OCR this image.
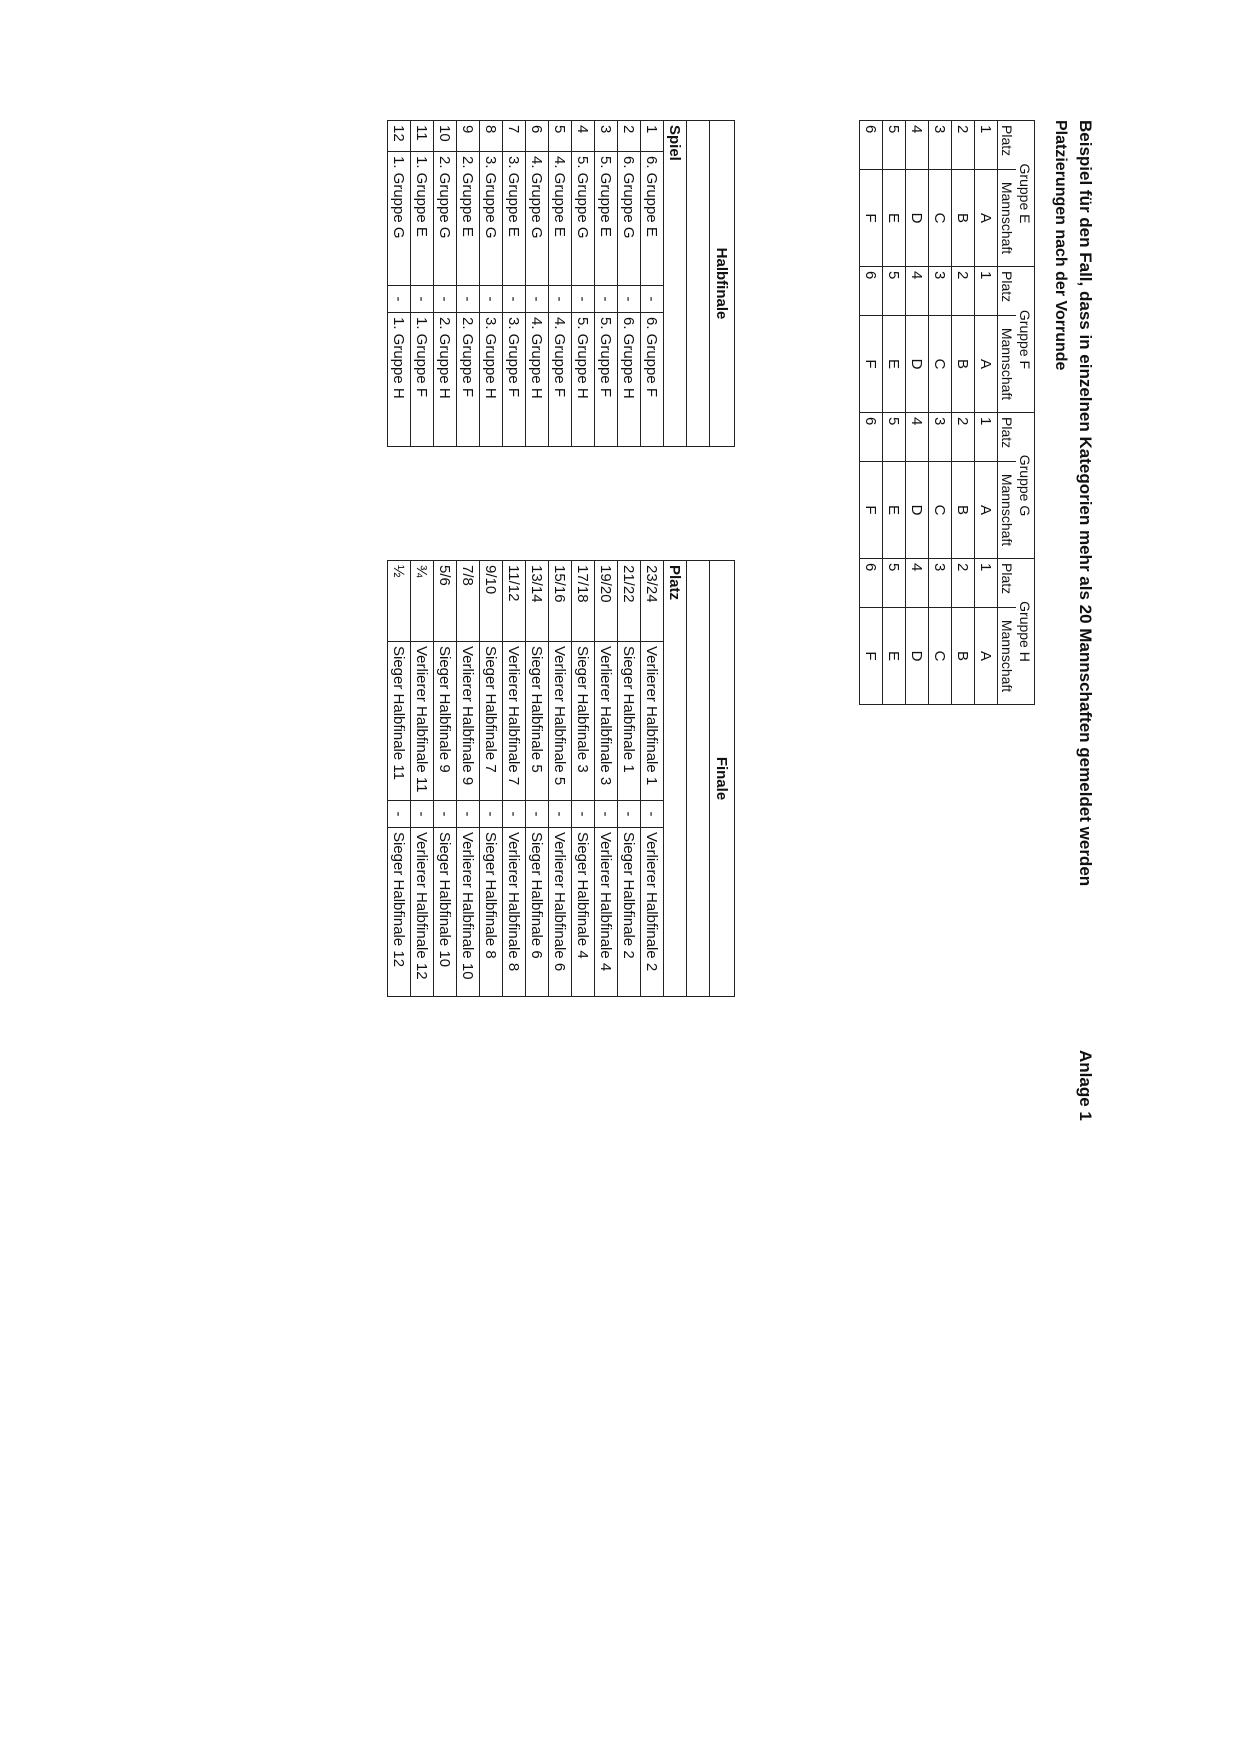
Beispiel für den Fall, dass in einzelnen Kategorien mehr als 20 Mannschaften gemeldet werden
Platzierungen nach der Vorrunde
Anlage 1
Gruppe E		Gruppe F		Gruppe G		Gruppe H	
Platz	Mannschaft	Platz	Mannschaft	Platz	Mannschaft	Platz	Mannschaft
1	A	1	A	1	A	1	A
2	B	2	B	2	B	2	B
3	C	3	C	3	C	3	C
4	D	4	D	4	D	4	D
5	E	5	E	5	E	5	E
6	F	6	F	6	F	6	F
Halbfinale			

Spiel			
1	6. Gruppe E	-	6. Gruppe F
2	6. Gruppe G	-	6. Gruppe H
3	5. Gruppe E	-	5. Gruppe F
4	5. Gruppe G	-	5. Gruppe H
5	4. Gruppe E	-	4. Gruppe F
6	4. Gruppe G	-	4. Gruppe H
7	3. Gruppe E	-	3. Gruppe F
8	3. Gruppe G	-	3. Gruppe H
9	2. Gruppe E	-	2. Gruppe F
10	2. Gruppe G	-	2. Gruppe H
11	1. Gruppe E	-	1. Gruppe F
12	1. Gruppe G	-	1. Gruppe H
Finale			

Platz			
23/24	Verlierer Halbfinale 1	-	Verlierer Halbfinale 2
21/22	Sieger Halbfinale 1	-	Sieger Halbfinale 2
19/20	Verlierer Halbfinale 3	-	Verlierer Halbfinale 4
17/18	Sieger Halbfinale 3	-	Sieger Halbfinale 4
15/16	Verlierer Halbfinale 5	-	Verlierer Halbfinale 6
13/14	Sieger Halbfinale 5	-	Sieger Halbfinale 6
11/12	Verlierer Halbfinale 7	-	Verlierer Halbfinale 8
9/10	Sieger Halbfinale 7	-	Sieger Halbfinale 8
7/8	Verlierer Halbfinale 9	-	Verlierer Halbfinale 10
5/6	Sieger Halbfinale 9	-	Sieger Halbfinale 10
¾	Verlierer Halbfinale 11	-	Verlierer Halbfinale 12
½	Sieger Halbfinale 11	-	Sieger Halbfinale 12
